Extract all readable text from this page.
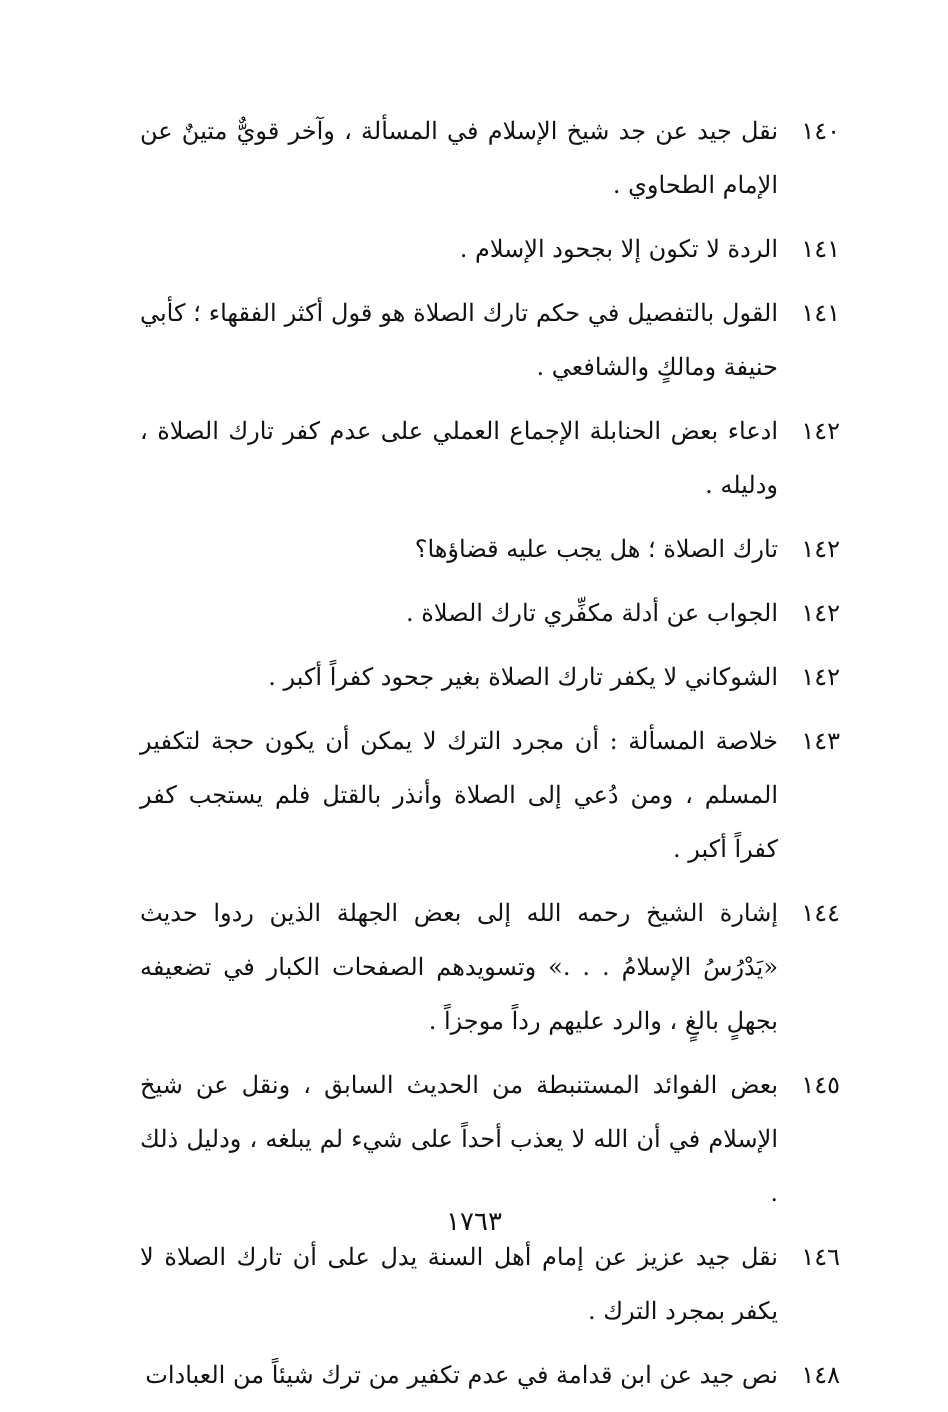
١٤٠
نقل جيد عن جد شيخ الإسلام في المسألة ، وآخر قويٌّ متينٌ عن الإمام الطحاوي .
١٤١
الردة لا تكون إلا بجحود الإسلام .
١٤١
القول بالتفصيل في حكم تارك الصلاة هو قول أكثر الفقهاء ؛ كأبي حنيفة ومالكٍ والشافعي .
١٤٢
ادعاء بعض الحنابلة الإجماع العملي على عدم كفر تارك الصلاة ، ودليله .
١٤٢
تارك الصلاة ؛ هل يجب عليه قضاؤها؟
١٤٢
الجواب عن أدلة مكفِّري تارك الصلاة .
١٤٢
الشوكاني لا يكفر تارك الصلاة بغير جحود كفراً أكبر .
١٤٣
خلاصة المسألة : أن مجرد الترك لا يمكن أن يكون حجة لتكفير المسلم ، ومن دُعي إلى الصلاة وأنذر بالقتل فلم يستجب كفر كفراً أكبر .
١٤٤
إشارة الشيخ رحمه الله إلى بعض الجهلة الذين ردوا حديث «يَدْرُسُ الإسلامُ . . .» وتسويدهم الصفحات الكبار في تضعيفه بجهلٍ بالغٍ ، والرد عليهم رداً موجزاً .
١٤٥
بعض الفوائد المستنبطة من الحديث السابق ، ونقل عن شيخ الإسلام في أن الله لا يعذب أحداً على شيء لم يبلغه ، ودليل ذلك .
١٤٦
نقل جيد عزيز عن إمام أهل السنة يدل على أن تارك الصلاة لا يكفر بمجرد الترك .
١٤٨
نص جيد عن ابن قدامة في عدم تكفير من ترك شيئاً من العبادات
١٧٦٣
